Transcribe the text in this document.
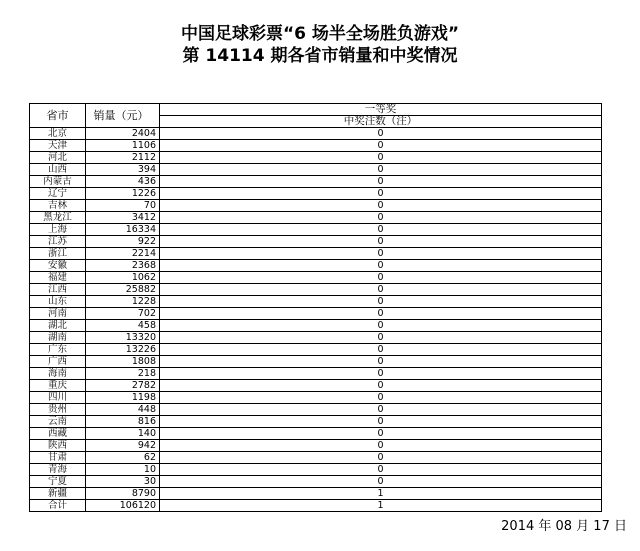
中国足球彩票“6 场半全场胜负游戏”
第 14114 期各省市销量和中奖情况
省市	销量（元）	一等奖
		中奖注数（注）
北京	2404	0
天津	1106	0
河北	2112	0
山西	394	0
内蒙古	436	0
辽宁	1226	0
吉林	70	0
黑龙江	3412	0
上海	16334	0
江苏	922	0
浙江	2214	0
安徽	2368	0
福建	1062	0
江西	25882	0
山东	1228	0
河南	702	0
湖北	458	0
湖南	13320	0
广东	13226	0
广西	1808	0
海南	218	0
重庆	2782	0
四川	1198	0
贵州	448	0
云南	816	0
西藏	140	0
陕西	942	0
甘肃	62	0
青海	10	0
宁夏	30	0
新疆	8790	1
合计	106120	1
2014 年 08 月 17 日
